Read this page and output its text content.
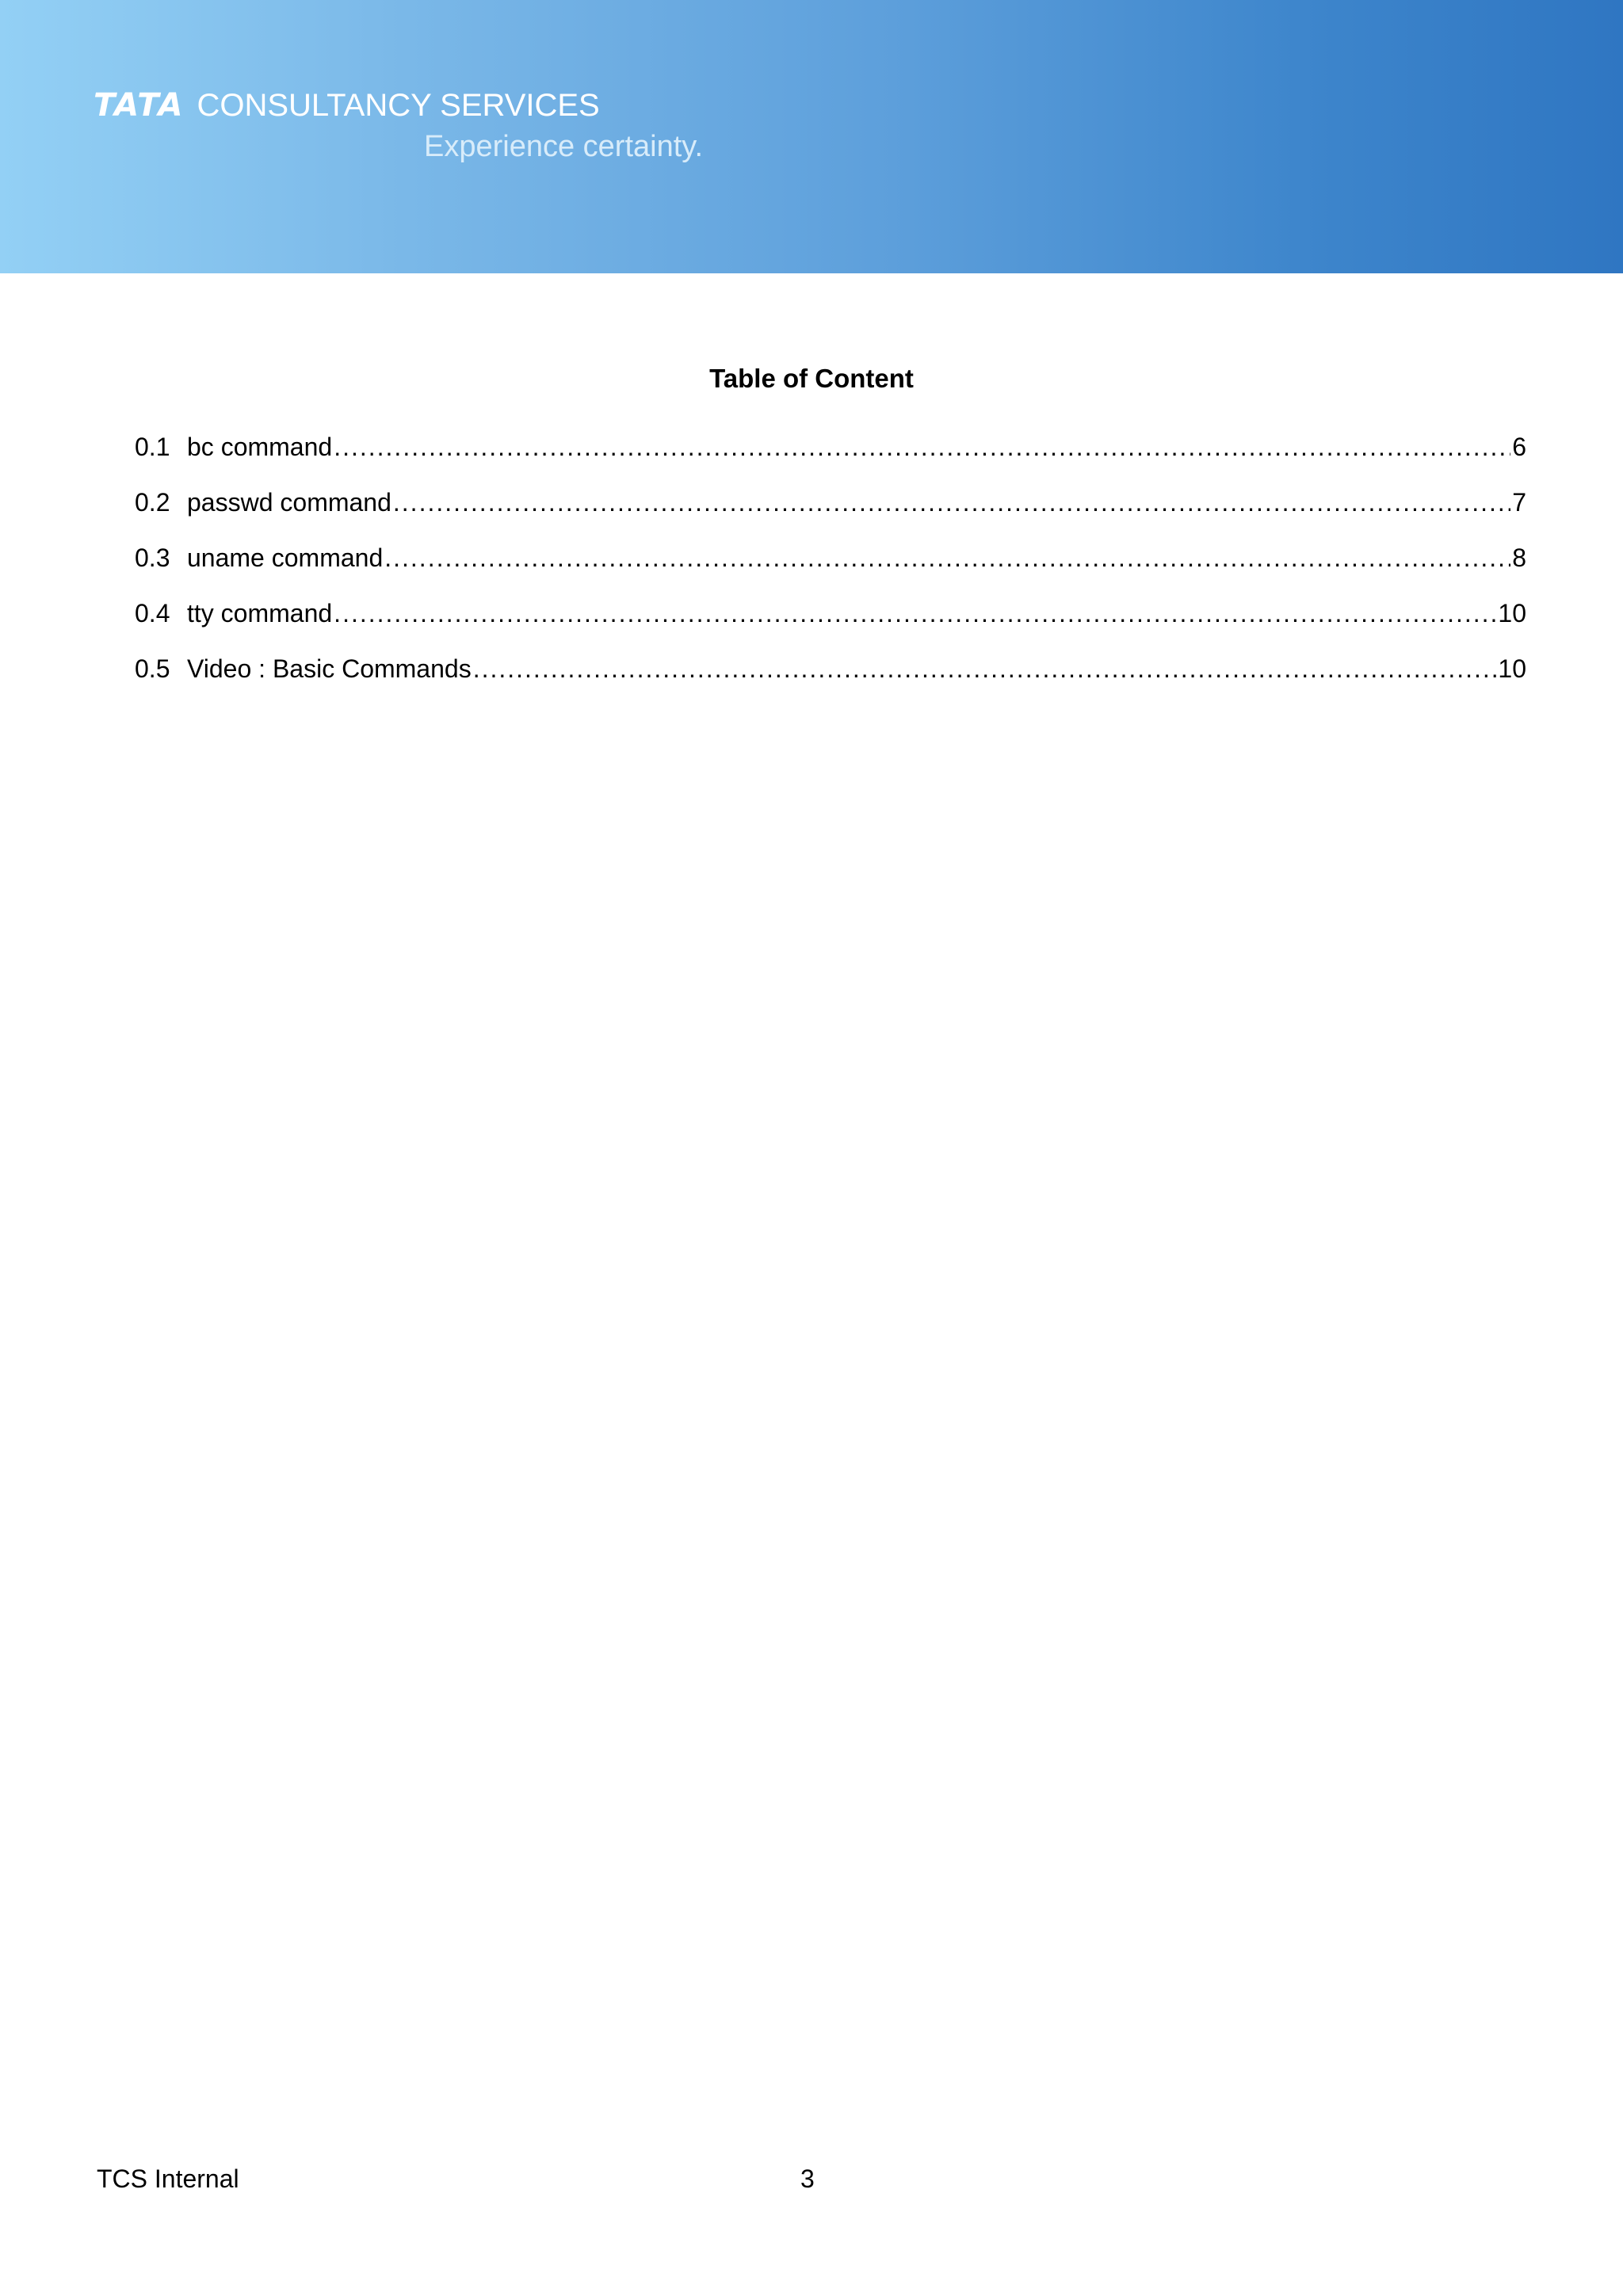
TATA CONSULTANCY SERVICES
Experience certainty.
Table of Content
0.1 bc command .....	6
0.2 passwd command .....	7
0.3 uname command .....	8
0.4 tty command .....	10
0.5 Video : Basic Commands .....	10
TCS Internal	3
